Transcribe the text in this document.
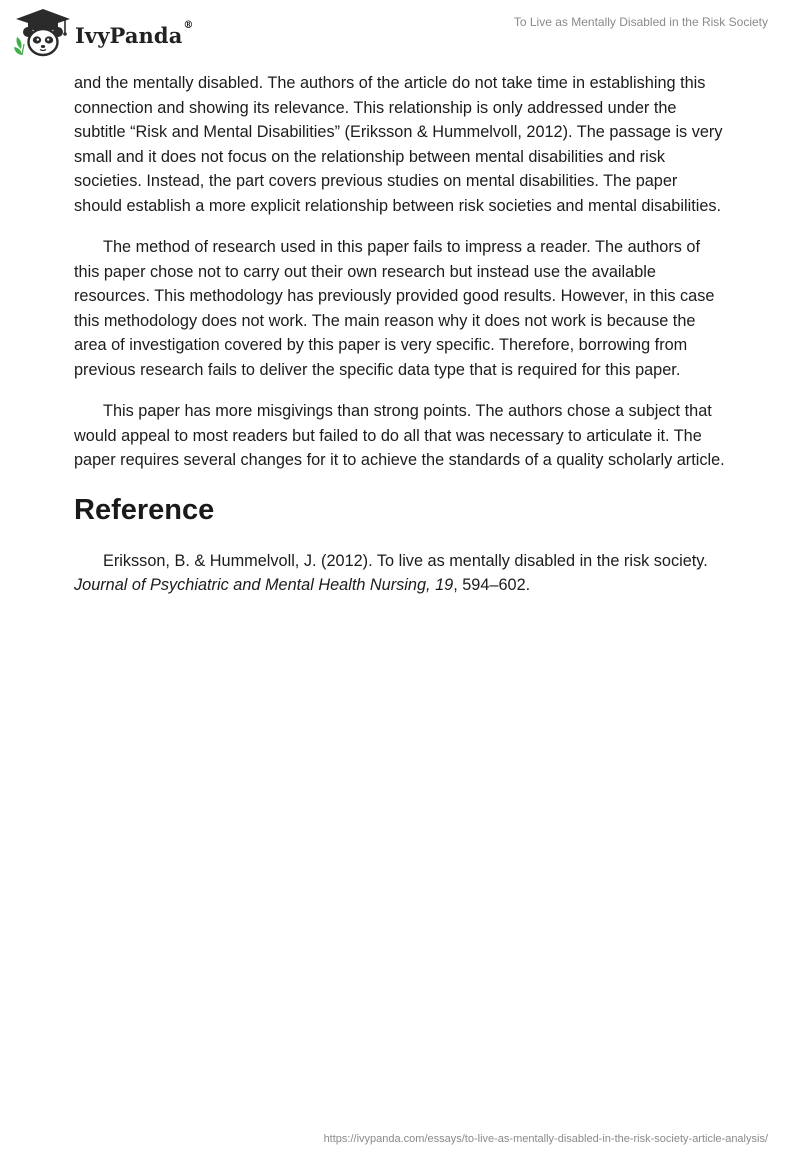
IvyPanda®	To Live as Mentally Disabled in the Risk Society

and the mentally disabled. The authors of the article do not take time in establishing this connection and showing its relevance. This relationship is only addressed under the subtitle “Risk and Mental Disabilities” (Eriksson & Hummelvoll, 2012). The passage is very small and it does not focus on the relationship between mental disabilities and risk societies. Instead, the part covers previous studies on mental disabilities. The paper should establish a more explicit relationship between risk societies and mental disabilities.

The method of research used in this paper fails to impress a reader. The authors of this paper chose not to carry out their own research but instead use the available resources. This methodology has previously provided good results. However, in this case this methodology does not work. The main reason why it does not work is because the area of investigation covered by this paper is very specific. Therefore, borrowing from previous research fails to deliver the specific data type that is required for this paper.

This paper has more misgivings than strong points. The authors chose a subject that would appeal to most readers but failed to do all that was necessary to articulate it. The paper requires several changes for it to achieve the standards of a quality scholarly article.

Reference

Eriksson, B. & Hummelvoll, J. (2012). To live as mentally disabled in the risk society. Journal of Psychiatric and Mental Health Nursing, 19, 594–602.

https://ivypanda.com/essays/to-live-as-mentally-disabled-in-the-risk-society-article-analysis/
